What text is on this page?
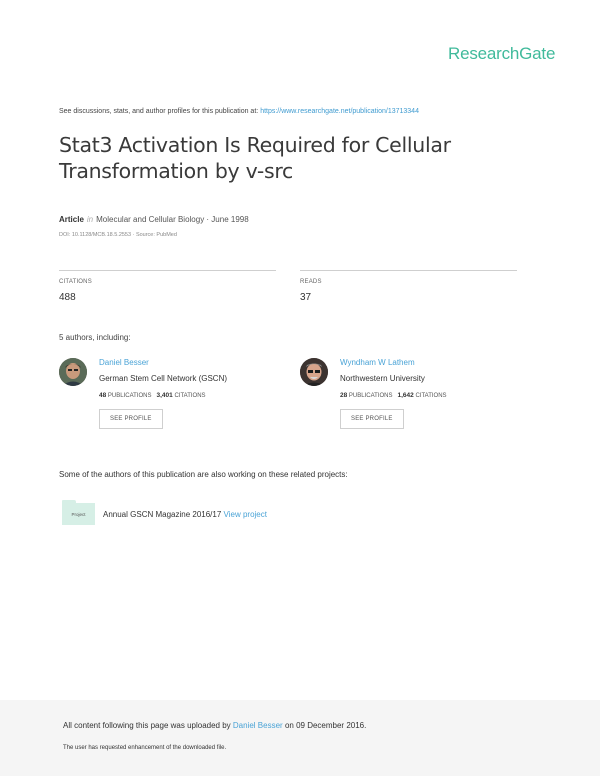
ResearchGate
See discussions, stats, and author profiles for this publication at: https://www.researchgate.net/publication/13713344
Stat3 Activation Is Required for Cellular
Transformation by v-src
Article in Molecular and Cellular Biology · June 1998
DOI: 10.1128/MCB.18.5.2553 · Source: PubMed
CITATIONS
488
READS
37
5 authors, including:
Daniel Besser
German Stem Cell Network (GSCN)
48 PUBLICATIONS 3,401 CITATIONS
SEE PROFILE
Wyndham W Lathem
Northwestern University
28 PUBLICATIONS 1,642 CITATIONS
SEE PROFILE
Some of the authors of this publication are also working on these related projects:
Project	Annual GSCN Magazine 2016/17 View project
All content following this page was uploaded by Daniel Besser on 09 December 2016.
The user has requested enhancement of the downloaded file.
